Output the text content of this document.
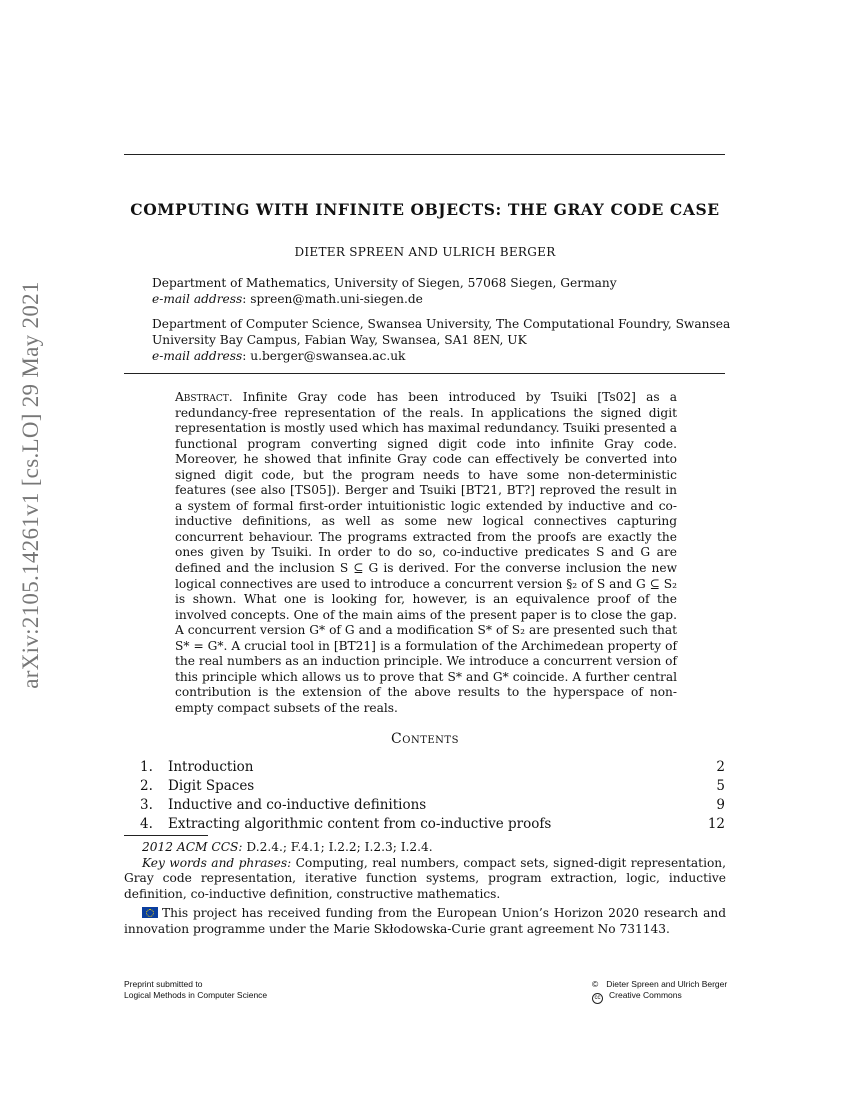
arXiv:2105.14261v1 [cs.LO] 29 May 2021
COMPUTING WITH INFINITE OBJECTS: THE GRAY CODE CASE
DIETER SPREEN AND ULRICH BERGER
Department of Mathematics, University of Siegen, 57068 Siegen, Germany
e-mail address: spreen@math.uni-siegen.de
Department of Computer Science, Swansea University, The Computational Foundry, Swansea
University Bay Campus, Fabian Way, Swansea, SA1 8EN, UK
e-mail address: u.berger@swansea.ac.uk
Abstract. Infinite Gray code has been introduced by Tsuiki [Ts02] as a redundancy-free representation of the reals. In applications the signed digit representation is mostly used which has maximal redundancy. Tsuiki presented a functional program converting signed digit code into infinite Gray code. Moreover, he showed that infinite Gray code can effectively be converted into signed digit code, but the program needs to have some non-deterministic features (see also [TS05]). Berger and Tsuiki [BT21, BT?] reproved the result in a system of formal first-order intuitionistic logic extended by inductive and co-inductive definitions, as well as some new logical connectives capturing concurrent behaviour. The programs extracted from the proofs are exactly the ones given by Tsuiki. In order to do so, co-inductive predicates S and G are defined and the inclusion S ⊆ G is derived. For the converse inclusion the new logical connectives are used to introduce a concurrent version §₂ of S and G ⊆ S₂ is shown. What one is looking for, however, is an equivalence proof of the involved concepts. One of the main aims of the present paper is to close the gap. A concurrent version G* of G and a modification S* of S₂ are presented such that S* = G*. A crucial tool in [BT21] is a formulation of the Archimedean property of the real numbers as an induction principle. We introduce a concurrent version of this principle which allows us to prove that S* and G* coincide. A further central contribution is the extension of the above results to the hyperspace of non-empty compact subsets of the reals.
Contents
1.	Introduction	2
2.	Digit Spaces	5
3.	Inductive and co-inductive definitions	9
4.	Extracting algorithmic content from co-inductive proofs	12
2012 ACM CCS: D.2.4.; F.4.1; I.2.2; I.2.3; I.2.4.
Key words and phrases: Computing, real numbers, compact sets, signed-digit representation, Gray code representation, iterative function systems, program extraction, logic, inductive definition, co-inductive definition, constructive mathematics.
This project has received funding from the European Union’s Horizon 2020 research and innovation programme under the Marie Skłodowska-Curie grant agreement No 731143.
Preprint submitted to
Logical Methods in Computer Science
© Dieter Spreen and Ulrich Berger
cc Creative Commons
